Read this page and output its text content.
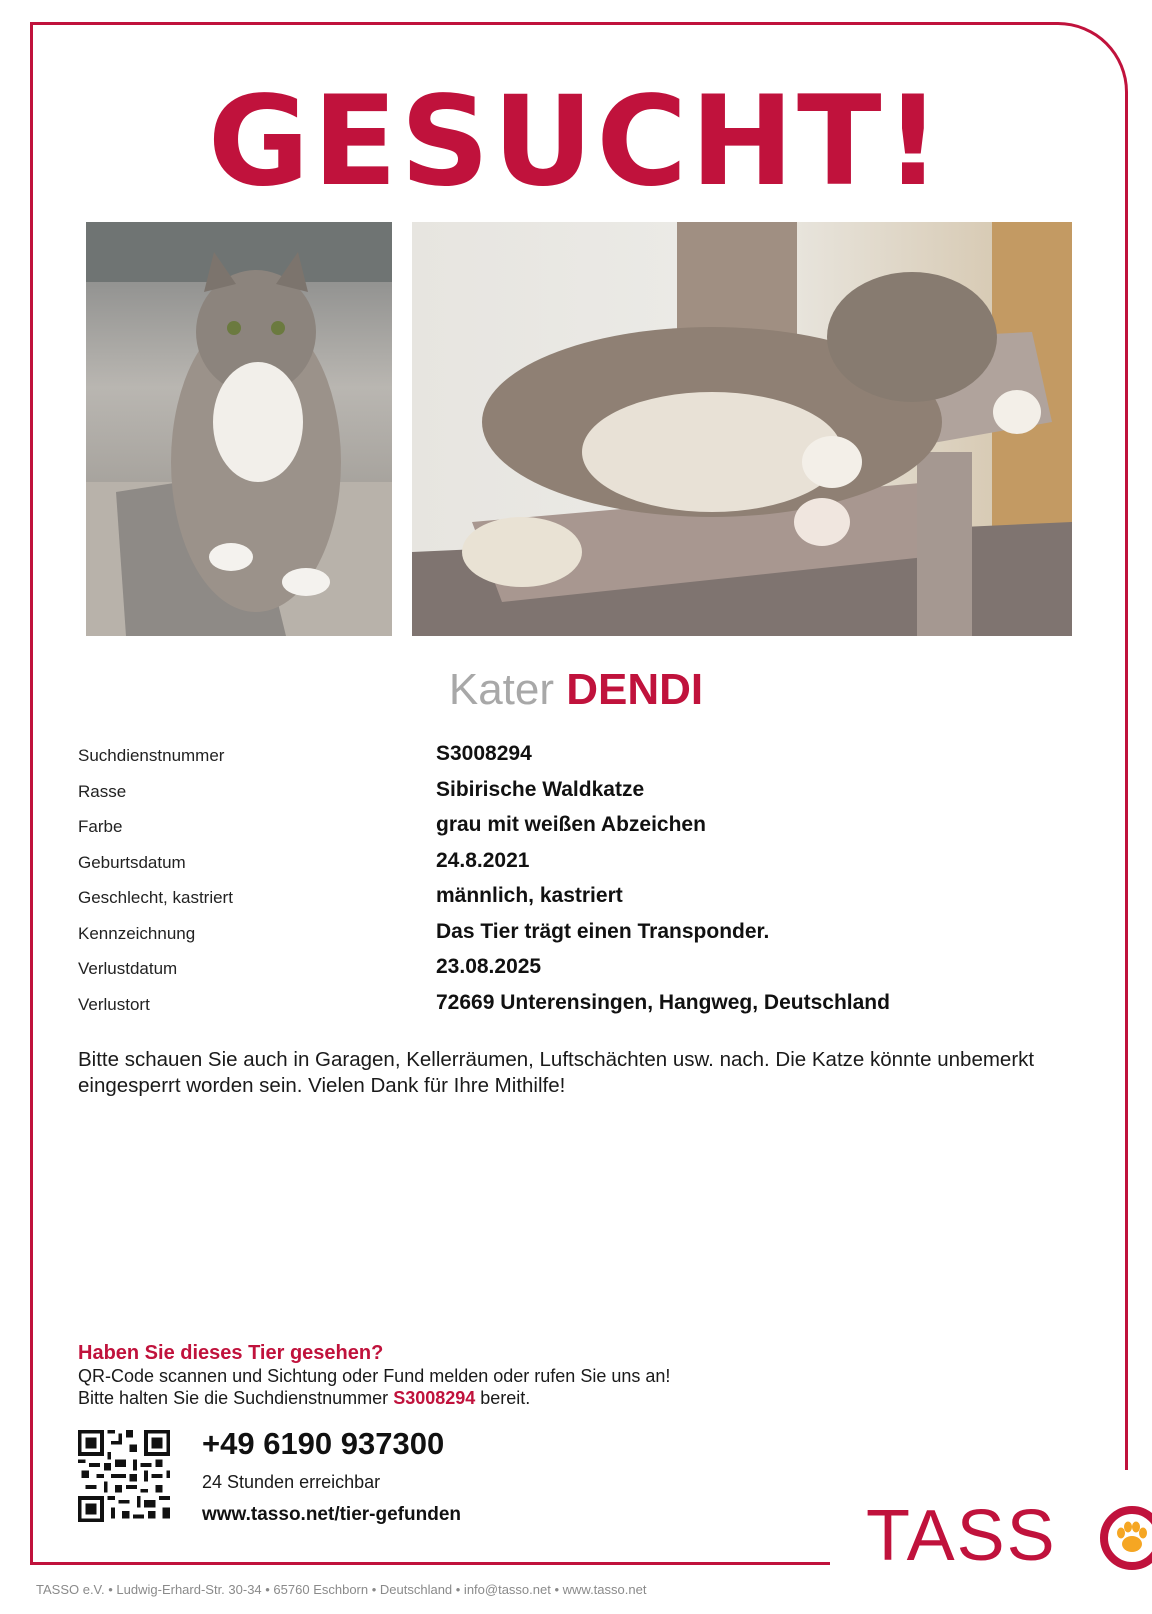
GESUCHT!
Kater DENDI
Suchdienstnummer	S3008294
Rasse	Sibirische Waldkatze
Farbe	grau mit weißen Abzeichen
Geburtsdatum	24.8.2021
Geschlecht, kastriert	männlich, kastriert
Kennzeichnung	Das Tier trägt einen Transponder.
Verlustdatum	23.08.2025
Verlustort	72669 Unterensingen, Hangweg, Deutschland
Bitte schauen Sie auch in Garagen, Kellerräumen, Luftschächten usw. nach. Die Katze könnte unbemerkt eingesperrt worden sein. Vielen Dank für Ihre Mithilfe!
Haben Sie dieses Tier gesehen?
QR-Code scannen und Sichtung oder Fund melden oder rufen Sie uns an!
Bitte halten Sie die Suchdienstnummer S3008294 bereit.
+49 6190 937300
24 Stunden erreichbar
www.tasso.net/tier-gefunden	TASS
TASSO e.V. • Ludwig-Erhard-Str. 30-34 • 65760 Eschborn • Deutschland • info@tasso.net • www.tasso.net
